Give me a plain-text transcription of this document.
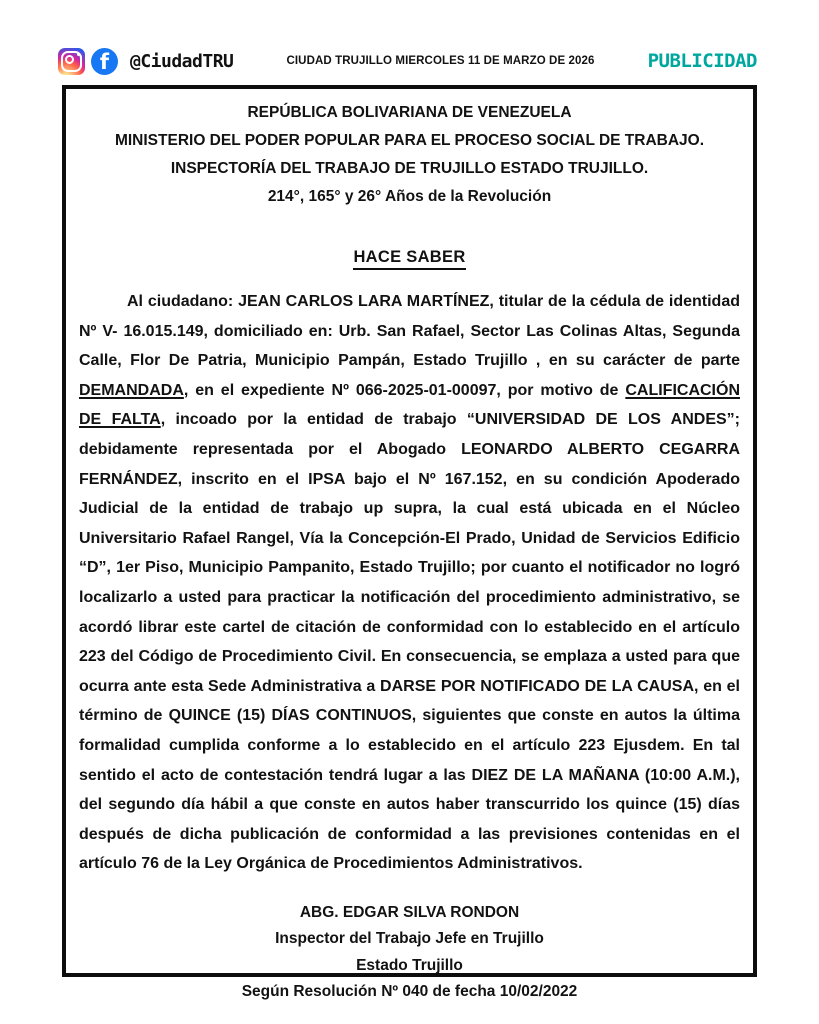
f @CiudadTRU	CIUDAD TRUJILLO MIERCOLES 11 DE MARZO DE 2026	PUBLICIDAD
REPÚBLICA BOLIVARIANA DE VENEZUELA
MINISTERIO DEL PODER POPULAR PARA EL PROCESO SOCIAL DE TRABAJO.
INSPECTORÍA DEL TRABAJO DE TRUJILLO ESTADO TRUJILLO.
214°, 165° y 26° Años de la Revolución
HACE SABER

Al ciudadano: JEAN CARLOS LARA MARTÍNEZ, titular de la cédula de identidad Nº V- 16.015.149, domiciliado en: Urb. San Rafael, Sector Las Colinas Altas, Segunda Calle, Flor De Patria, Municipio Pampán, Estado Trujillo , en su carácter de parte DEMANDADA, en el expediente Nº 066-2025-01-00097, por motivo de CALIFICACIÓN DE FALTA, incoado por la entidad de trabajo “UNIVERSIDAD DE LOS ANDES”; debidamente representada por el Abogado LEONARDO ALBERTO CEGARRA FERNÁNDEZ, inscrito en el IPSA bajo el Nº 167.152, en su condición Apoderado Judicial de la entidad de trabajo up supra, la cual está ubicada en el Núcleo Universitario Rafael Rangel, Vía la Concepción-El Prado, Unidad de Servicios Edificio “D”, 1er Piso, Municipio Pampanito, Estado Trujillo; por cuanto el notificador no logró localizarlo a usted para practicar la notificación del procedimiento administrativo, se acordó librar este cartel de citación de conformidad con lo establecido en el artículo 223 del Código de Procedimiento Civil. En consecuencia, se emplaza a usted para que ocurra ante esta Sede Administrativa a DARSE POR NOTIFICADO DE LA CAUSA, en el término de QUINCE (15) DÍAS CONTINUOS, siguientes que conste en autos la última formalidad cumplida conforme a lo establecido en el artículo 223 Ejusdem. En tal sentido el acto de contestación tendrá lugar a las DIEZ DE LA MAÑANA (10:00 A.M.), del segundo día hábil a que conste en autos haber transcurrido los quince (15) días después de dicha publicación de conformidad a las previsiones contenidas en el artículo 76 de la Ley Orgánica de Procedimientos Administrativos.

ABG. EDGAR SILVA RONDON
Inspector del Trabajo Jefe en Trujillo
Estado Trujillo
Según Resolución Nº 040 de fecha 10/02/2022
